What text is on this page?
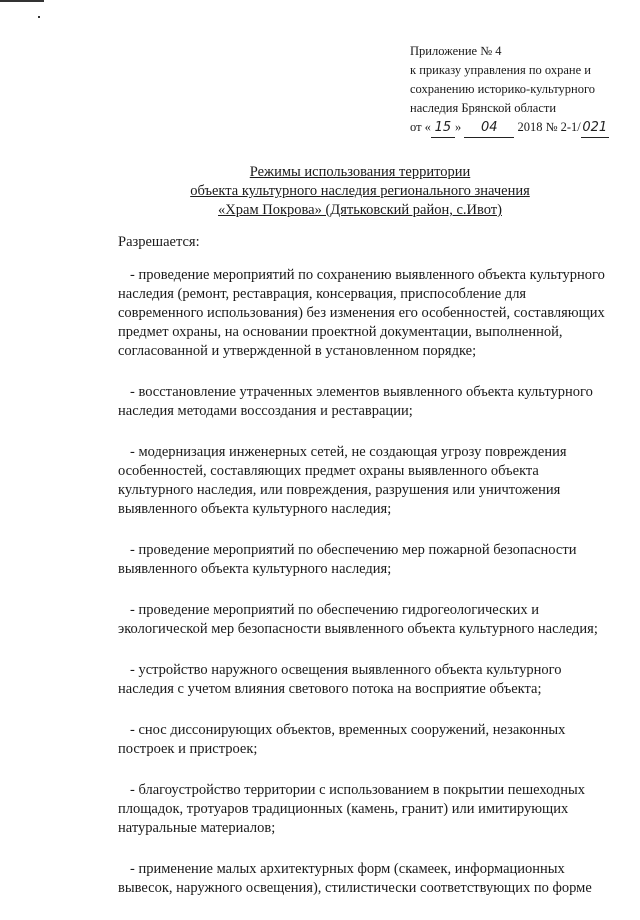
Приложение № 4
к приказу управления по охране и
сохранению историко-культурного
наследия Брянской области
от « 15 » 04 2018 № 2-1/ 021
Режимы использования территории
объекта культурного наследия регионального значения
«Храм Покрова» (Дятьковский район, с.Ивот)
Разрешается:

- проведение мероприятий по сохранению выявленного объекта культурного наследия (ремонт, реставрация, консервация, приспособление для современного использования) без изменения его особенностей, составляющих предмет охраны, на основании проектной документации, выполненной, согласованной и утвержденной в установленном порядке;

- восстановление утраченных элементов выявленного объекта культурного наследия методами воссоздания и реставрации;

- модернизация инженерных сетей, не создающая угрозу повреждения особенностей, составляющих предмет охраны выявленного объекта культурного наследия, или повреждения, разрушения или уничтожения выявленного объекта культурного наследия;

- проведение мероприятий по обеспечению мер пожарной безопасности выявленного объекта культурного наследия;

- проведение мероприятий по обеспечению гидрогеологических и экологической мер безопасности выявленного объекта культурного наследия;

- устройство наружного освещения выявленного объекта культурного наследия с учетом влияния светового потока на восприятие объекта;

- снос диссонирующих объектов, временных сооружений, незаконных построек и пристроек;

- благоустройство территории с использованием в покрытии пешеходных площадок, тротуаров традиционных (камень, гранит) или имитирующих натуральные материалов;

- применение малых архитектурных форм (скамеек, информационных вывесок, наружного освещения), стилистически соответствующих по форме
